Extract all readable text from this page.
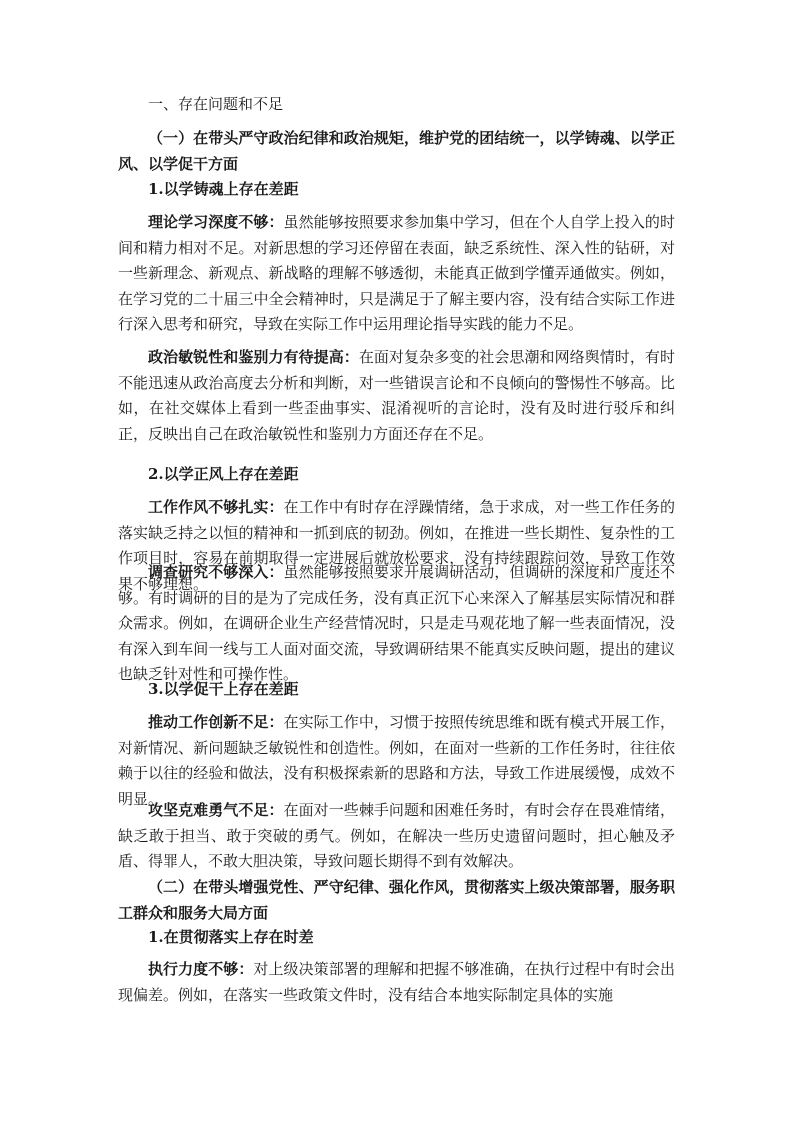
一、存在问题和不足

（一）在带头严守政治纪律和政治规矩，维护党的团结统一，以学铸魂、以学正风、以学促干方面

1.以学铸魂上存在差距

理论学习深度不够：虽然能够按照要求参加集中学习，但在个人自学上投入的时间和精力相对不足。对新思想的学习还停留在表面，缺乏系统性、深入性的钻研，对一些新理念、新观点、新战略的理解不够透彻，未能真正做到学懂弄通做实。例如，在学习党的二十届三中全会精神时，只是满足于了解主要内容，没有结合实际工作进行深入思考和研究，导致在实际工作中运用理论指导实践的能力不足。

政治敏锐性和鉴别力有待提高：在面对复杂多变的社会思潮和网络舆情时，有时不能迅速从政治高度去分析和判断，对一些错误言论和不良倾向的警惕性不够高。比如，在社交媒体上看到一些歪曲事实、混淆视听的言论时，没有及时进行驳斥和纠正，反映出自己在政治敏锐性和鉴别力方面还存在不足。

2.以学正风上存在差距

工作作风不够扎实：在工作中有时存在浮躁情绪，急于求成，对一些工作任务的落实缺乏持之以恒的精神和一抓到底的韧劲。例如，在推进一些长期性、复杂性的工作项目时，容易在前期取得一定进展后就放松要求，没有持续跟踪问效，导致工作效果不够理想。

调查研究不够深入：虽然能够按照要求开展调研活动，但调研的深度和广度还不够。有时调研的目的是为了完成任务，没有真正沉下心来深入了解基层实际情况和群众需求。例如，在调研企业生产经营情况时，只是走马观花地了解一些表面情况，没有深入到车间一线与工人面对面交流，导致调研结果不能真实反映问题，提出的建议也缺乏针对性和可操作性。

3.以学促干上存在差距

推动工作创新不足：在实际工作中，习惯于按照传统思维和既有模式开展工作，对新情况、新问题缺乏敏锐性和创造性。例如，在面对一些新的工作任务时，往往依赖于以往的经验和做法，没有积极探索新的思路和方法，导致工作进展缓慢，成效不明显。

攻坚克难勇气不足：在面对一些棘手问题和困难任务时，有时会存在畏难情绪，缺乏敢于担当、敢于突破的勇气。例如，在解决一些历史遗留问题时，担心触及矛盾、得罪人，不敢大胆决策，导致问题长期得不到有效解决。

（二）在带头增强党性、严守纪律、强化作风，贯彻落实上级决策部署，服务职工群众和服务大局方面

1.在贯彻落实上存在时差

执行力度不够：对上级决策部署的理解和把握不够准确，在执行过程中有时会出现偏差。例如，在落实一些政策文件时，没有结合本地实际制定具体的实施
